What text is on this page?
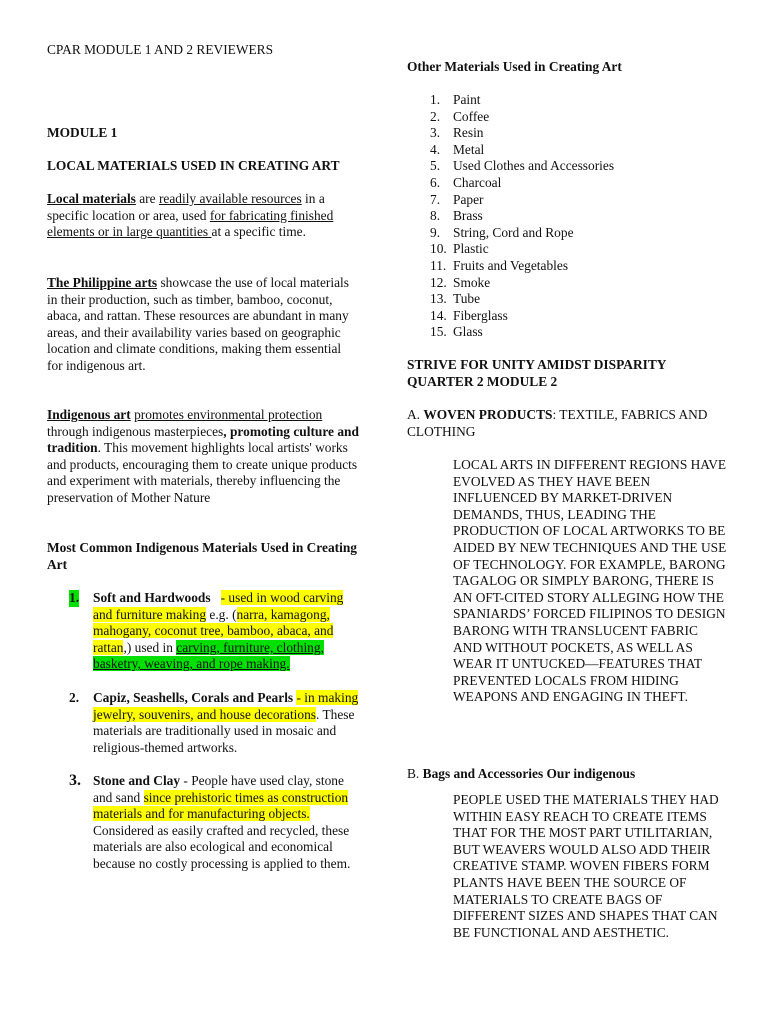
CPAR MODULE 1 AND 2 REVIEWERS
MODULE 1
LOCAL MATERIALS USED IN CREATING ART
Local materials are readily available resources in a specific location or area, used for fabricating finished elements or in large quantities at a specific time.
The Philippine arts showcase the use of local materials in their production, such as timber, bamboo, coconut, abaca, and rattan. These resources are abundant in many areas, and their availability varies based on geographic location and climate conditions, making them essential for indigenous art.
Indigenous art promotes environmental protection through indigenous masterpieces, promoting culture and tradition. This movement highlights local artists' works and products, encouraging them to create unique products and experiment with materials, thereby influencing the preservation of Mother Nature
Most Common Indigenous Materials Used in Creating Art
1. Soft and Hardwoods - used in wood carving and furniture making e.g. (narra, kamagong, mahogany, coconut tree, bamboo, abaca, and rattan,) used in carving, furniture, clothing, basketry, weaving, and rope making.
2. Capiz, Seashells, Corals and Pearls - in making jewelry, souvenirs, and house decorations. These materials are traditionally used in mosaic and religious-themed artworks.
3. Stone and Clay - People have used clay, stone and sand since prehistoric times as construction materials and for manufacturing objects. Considered as easily crafted and recycled, these materials are also ecological and economical because no costly processing is applied to them.
Other Materials Used in Creating Art
1. Paint
2. Coffee
3. Resin
4. Metal
5. Used Clothes and Accessories
6. Charcoal
7. Paper
8. Brass
9. String, Cord and Rope
10. Plastic
11. Fruits and Vegetables
12. Smoke
13. Tube
14. Fiberglass
15. Glass
STRIVE FOR UNITY AMIDST DISPARITY QUARTER 2 MODULE 2
A. WOVEN PRODUCTS: TEXTILE, FABRICS AND CLOTHING
LOCAL ARTS IN DIFFERENT REGIONS HAVE EVOLVED AS THEY HAVE BEEN INFLUENCED BY MARKET-DRIVEN DEMANDS, THUS, LEADING THE PRODUCTION OF LOCAL ARTWORKS TO BE AIDED BY NEW TECHNIQUES AND THE USE OF TECHNOLOGY. FOR EXAMPLE, BARONG TAGALOG OR SIMPLY BARONG, THERE IS AN OFT-CITED STORY ALLEGING HOW THE SPANIARDS’ FORCED FILIPINOS TO DESIGN BARONG WITH TRANSLUCENT FABRIC AND WITHOUT POCKETS, AS WELL AS WEAR IT UNTUCKED—FEATURES THAT PREVENTED LOCALS FROM HIDING WEAPONS AND ENGAGING IN THEFT.
B. Bags and Accessories Our indigenous
PEOPLE USED THE MATERIALS THEY HAD WITHIN EASY REACH TO CREATE ITEMS THAT FOR THE MOST PART UTILITARIAN, BUT WEAVERS WOULD ALSO ADD THEIR CREATIVE STAMP. WOVEN FIBERS FORM PLANTS HAVE BEEN THE SOURCE OF MATERIALS TO CREATE BAGS OF DIFFERENT SIZES AND SHAPES THAT CAN BE FUNCTIONAL AND AESTHETIC.
